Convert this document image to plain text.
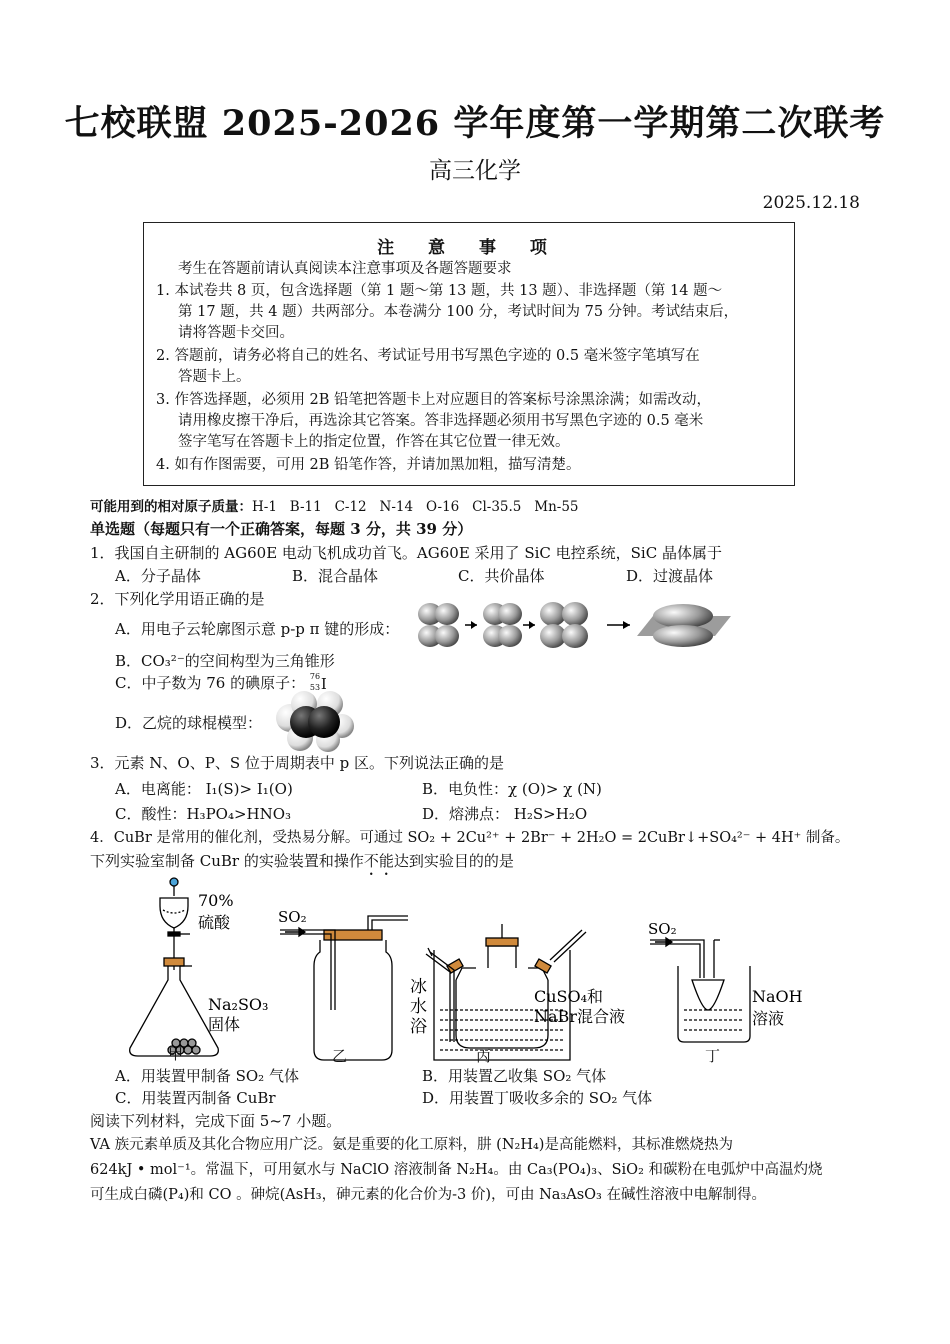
七校联盟 2025-2026 学年度第一学期第二次联考
高三化学
2025.12.18
注 意 事 项
考生在答题前请认真阅读本注意事项及各题答题要求
1. 本试卷共 8 页，包含选择题（第 1 题～第 13 题，共 13 题）、非选择题（第 14 题～
第 17 题，共 4 题）共两部分。本卷满分 100 分，考试时间为 75 分钟。考试结束后，
请将答题卡交回。
2. 答题前，请务必将自己的姓名、考试证号用书写黑色字迹的 0.5 毫米签字笔填写在
答题卡上。
3. 作答选择题，必须用 2B 铅笔把答题卡上对应题目的答案标号涂黑涂满；如需改动，
请用橡皮擦干净后，再选涂其它答案。答非选择题必须用书写黑色字迹的 0.5 毫米
签字笔写在答题卡上的指定位置，作答在其它位置一律无效。
4. 如有作图需要，可用 2B 铅笔作答，并请加黑加粗，描写清楚。
可能用到的相对原子质量：H-1   B-11   C-12   N-14   O-16   Cl-35.5   Mn-55
单选题（每题只有一个正确答案，每题 3 分，共 39 分）
1．我国自主研制的 AG60E 电动飞机成功首飞。AG60E 采用了 SiC 电控系统，SiC 晶体属于
A．分子晶体	B．混合晶体	C．共价晶体	D．过渡晶体
2．下列化学用语正确的是
A．用电子云轮廓图示意 p-p π 键的形成：
B．CO₃²⁻的空间构型为三角锥形
C．中子数为 76 的碘原子： 76
53 I
D．乙烷的球棍模型：
3．元素 N、O、P、S 位于周期表中 p 区。下列说法正确的是
A．电离能： I₁(S)> I₁(O)	B．电负性：χ (O)> χ (N)
C．酸性：H₃PO₄>HNO₃	D．熔沸点： H₂S>H₂O
4．CuBr 是常用的催化剂，受热易分解。可通过 SO₂ + 2Cu²⁺ + 2Br⁻ + 2H₂O = 2CuBr↓+SO₄²⁻ + 4H⁺ 制备。
下列实验室制备 CuBr 的实验装置和操作不能达到实验目的的是
70%
硫酸
Na₂SO₃
固体
SO₂
冰
水
浴
CuSO₄和
NaBr混合液
SO₂
NaOH
溶液
甲	乙	丙	丁
A．用装置甲制备 SO₂ 气体	B．用装置乙收集 SO₂ 气体
C．用装置丙制备 CuBr	D．用装置丁吸收多余的 SO₂ 气体
阅读下列材料，完成下面 5~7 小题。
VA 族元素单质及其化合物应用广泛。氨是重要的化工原料，肼 (N₂H₄)是高能燃料，其标准燃烧热为
624kJ • mol⁻¹。常温下，可用氨水与 NaClO 溶液制备 N₂H₄。由 Ca₃(PO₄)₃、SiO₂ 和碳粉在电弧炉中高温灼烧
可生成白磷(P₄)和 CO 。砷烷(AsH₃，砷元素的化合价为-3 价)，可由 Na₃AsO₃ 在碱性溶液中电解制得。
